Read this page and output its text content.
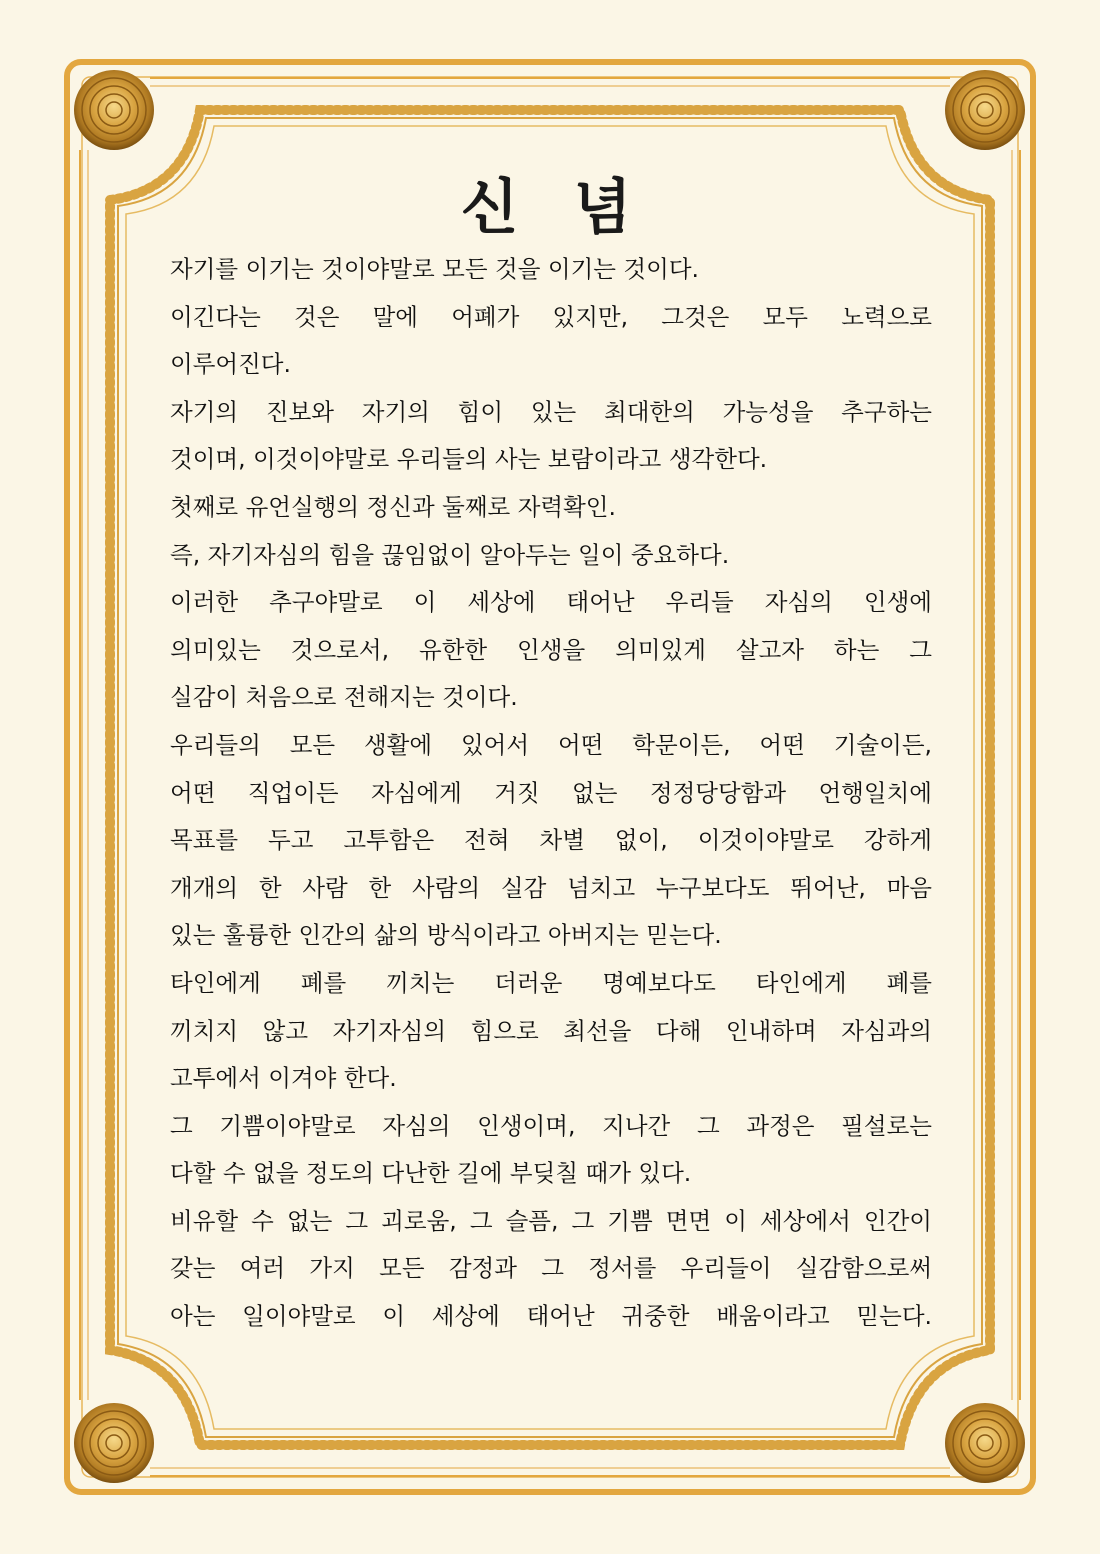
신 념
자기를 이기는 것이야말로 모든 것을 이기는 것이다.
이긴다는 것은 말에 어폐가 있지만, 그것은 모두 노력으로
이루어진다.
자기의 진보와 자기의 힘이 있는 최대한의 가능성을 추구하는
것이며, 이것이야말로 우리들의 사는 보람이라고 생각한다.
첫째로 유언실행의 정신과 둘째로 자력확인.
즉, 자기자심의 힘을 끊임없이 알아두는 일이 중요하다.
이러한 추구야말로 이 세상에 태어난 우리들 자심의 인생에
의미있는 것으로서, 유한한 인생을 의미있게 살고자 하는 그
실감이 처음으로 전해지는 것이다.
우리들의 모든 생활에 있어서 어떤 학문이든, 어떤 기술이든,
어떤 직업이든 자심에게 거짓 없는 정정당당함과 언행일치에
목표를 두고 고투함은 전혀 차별 없이, 이것이야말로 강하게
개개의 한 사람 한 사람의 실감 넘치고 누구보다도 뛰어난, 마음
있는 훌륭한 인간의 삶의 방식이라고 아버지는 믿는다.
타인에게 폐를 끼치는 더러운 명예보다도 타인에게 폐를
끼치지 않고 자기자심의 힘으로 최선을 다해 인내하며 자심과의
고투에서 이겨야 한다.
그 기쁨이야말로 자심의 인생이며, 지나간 그 과정은 필설로는
다할 수 없을 정도의 다난한 길에 부딪칠 때가 있다.
비유할 수 없는 그 괴로움, 그 슬픔, 그 기쁨 면면 이 세상에서 인간이
갖는 여러 가지 모든 감정과 그 정서를 우리들이 실감함으로써
아는 일이야말로 이 세상에 태어난 귀중한 배움이라고 믿는다.
